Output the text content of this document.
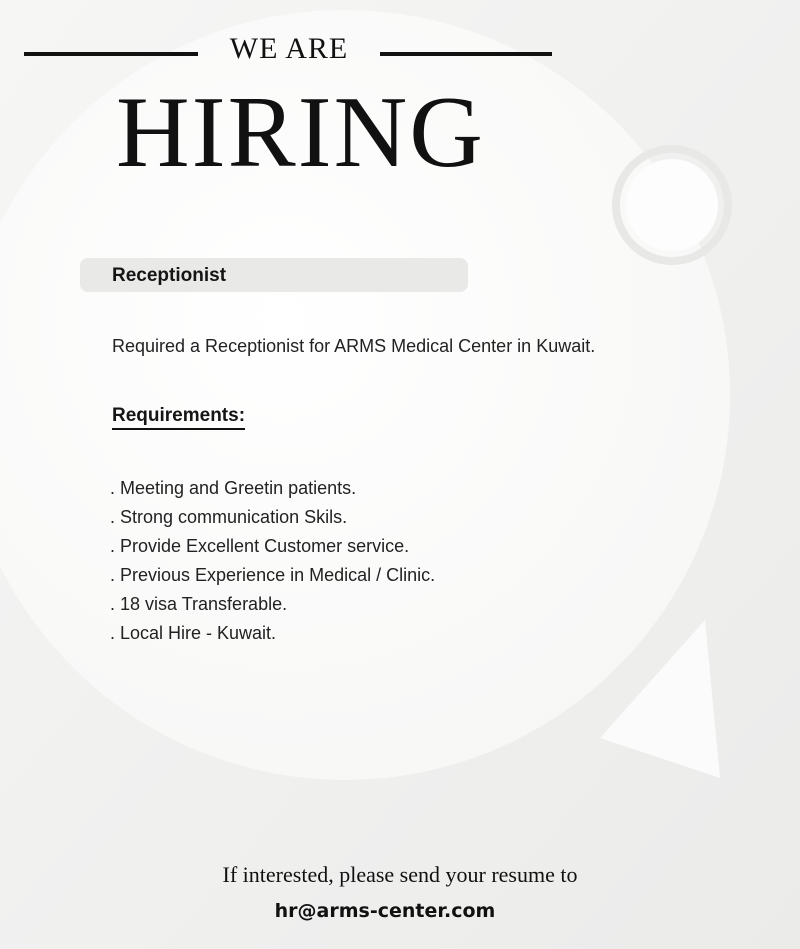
WE ARE
HIRING
Receptionist
Required a Receptionist for ARMS Medical Center in Kuwait.
Requirements:
. Meeting and Greetin patients.
. Strong communication Skils.
. Provide Excellent Customer service.
. Previous Experience in Medical / Clinic.
. 18 visa Transferable.
. Local Hire - Kuwait.
If interested, please send your resume to
hr@arms-center.com
